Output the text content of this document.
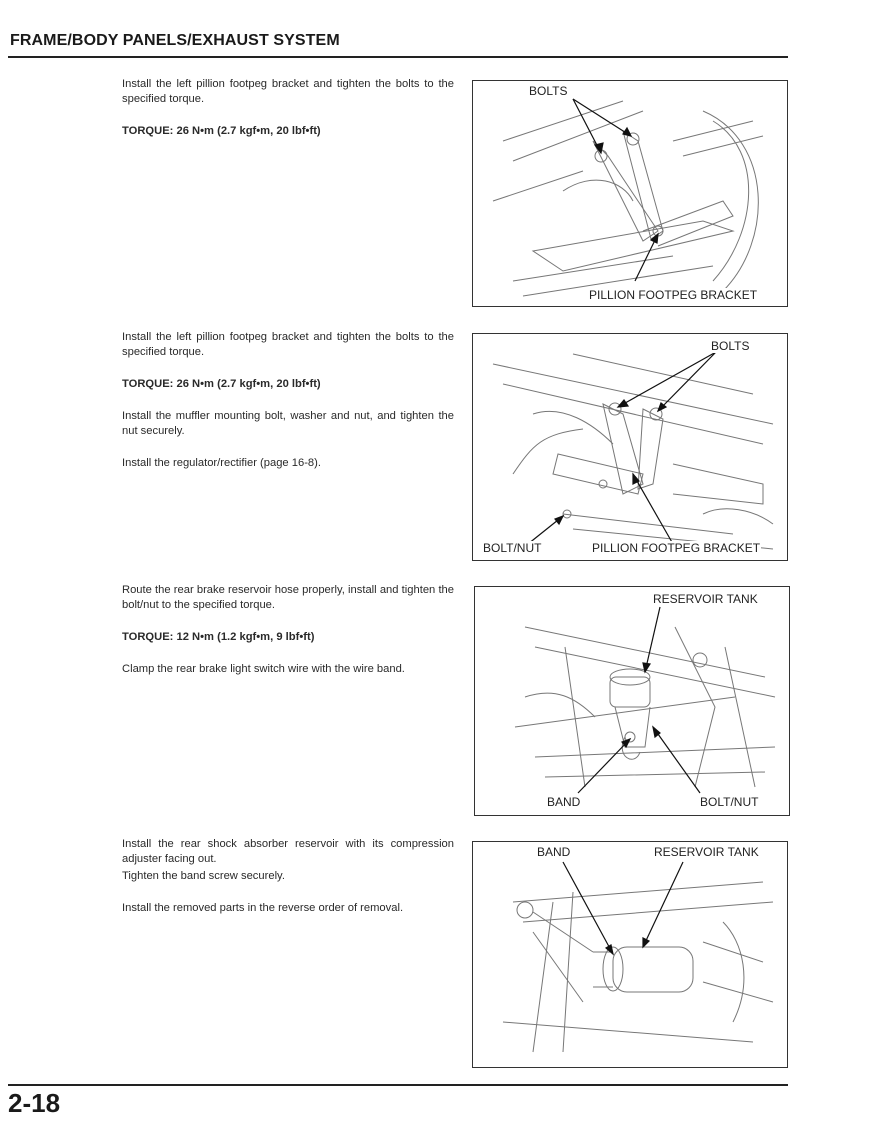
FRAME/BODY PANELS/EXHAUST SYSTEM

Install the left pillion footpeg bracket and tighten the bolts to the specified torque.

TORQUE: 26 N•m (2.7 kgf•m, 20 lbf•ft)

BOLTS
PILLION FOOTPEG BRACKET

Install the left pillion footpeg bracket and tighten the bolts to the specified torque.

TORQUE: 26 N•m (2.7 kgf•m, 20 lbf•ft)

Install the muffler mounting bolt, washer and nut, and tighten the nut securely.

Install the regulator/rectifier (page 16-8).

BOLTS
BOLT/NUT	PILLION FOOTPEG BRACKET

Route the rear brake reservoir hose properly, install and tighten the bolt/nut to the specified torque.

TORQUE: 12 N•m (1.2 kgf•m, 9 lbf•ft)

Clamp the rear brake light switch wire with the wire band.

RESERVOIR TANK
BAND	BOLT/NUT

Install the rear shock absorber reservoir with its compression adjuster facing out.

Tighten the band screw securely.

Install the removed parts in the reverse order of removal.

BAND	RESERVOIR TANK
2-18
